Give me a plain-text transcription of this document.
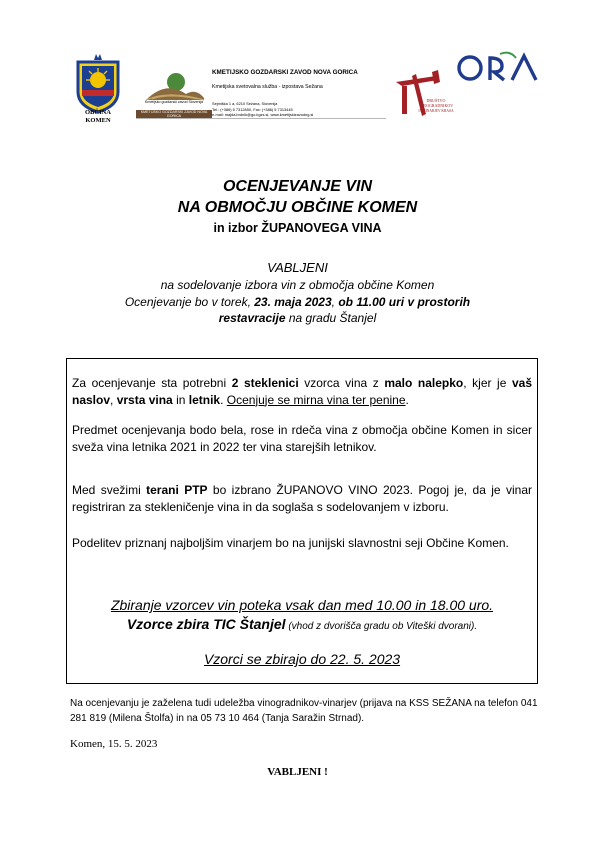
OBČINA
KOMEN
Kmetijsko gozdarski zavod Slovenija
KMETIJSKO GOZDARSKI ZAVOD NOVA GORICA
KMETIJSKO GOZDARSKI ZAVOD NOVA GORICA
Kmetijska svetovalna služba - izpostava Sežana
Sejmiška 1 a, 6210 Sežana, Slovenija
Tel.: (+386) 5 7312850, Fax: (+386) 5 7313445
e-mail: majda.brdnik@go.kgzs.si, www.kmetijskizavodng.si
DRUŠTVO
VINOGRADNIKOV
IN VINARJEV KRASA
OCENJEVANJE VIN
NA OBMOČJU OBČINE KOMEN
in izbor ŽUPANOVEGA VINA
VABLJENI
na sodelovanje izbora vin z območja občine Komen
Ocenjevanje bo v torek, 23. maja 2023, ob 11.00 uri v prostorih
restavracije na gradu Štanjel
Za ocenjevanje sta potrebni 2 steklenici vzorca vina z malo nalepko, kjer je vaš naslov, vrsta vina in letnik. Ocenjuje se mirna vina ter penine.
Predmet ocenjevanja bodo bela, rose in rdeča vina z območja občine Komen in sicer sveža vina letnika 2021 in 2022 ter vina starejših letnikov.
Med svežimi terani PTP bo izbrano ŽUPANOVO VINO 2023. Pogoj je, da je vinar registriran za stekleničenje vina in da soglaša s sodelovanjem v izboru.
Podelitev priznanj najboljšim vinarjem bo na junijski slavnostni seji Občine Komen.
Zbiranje vzorcev vin poteka vsak dan med 10.00 in 18.00 uro.
Vzorce zbira TIC Štanjel (vhod z dvorišča gradu ob Viteški dvorani).
Vzorci se zbirajo do 22. 5. 2023
Na ocenjevanju je zaželena tudi udeležba vinogradnikov-vinarjev (prijava na KSS SEŽANA na telefon 041 281 819 (Milena Štolfa) in na 05 73 10 464 (Tanja Saražin Strnad).
Komen, 15. 5. 2023
VABLJENI !
